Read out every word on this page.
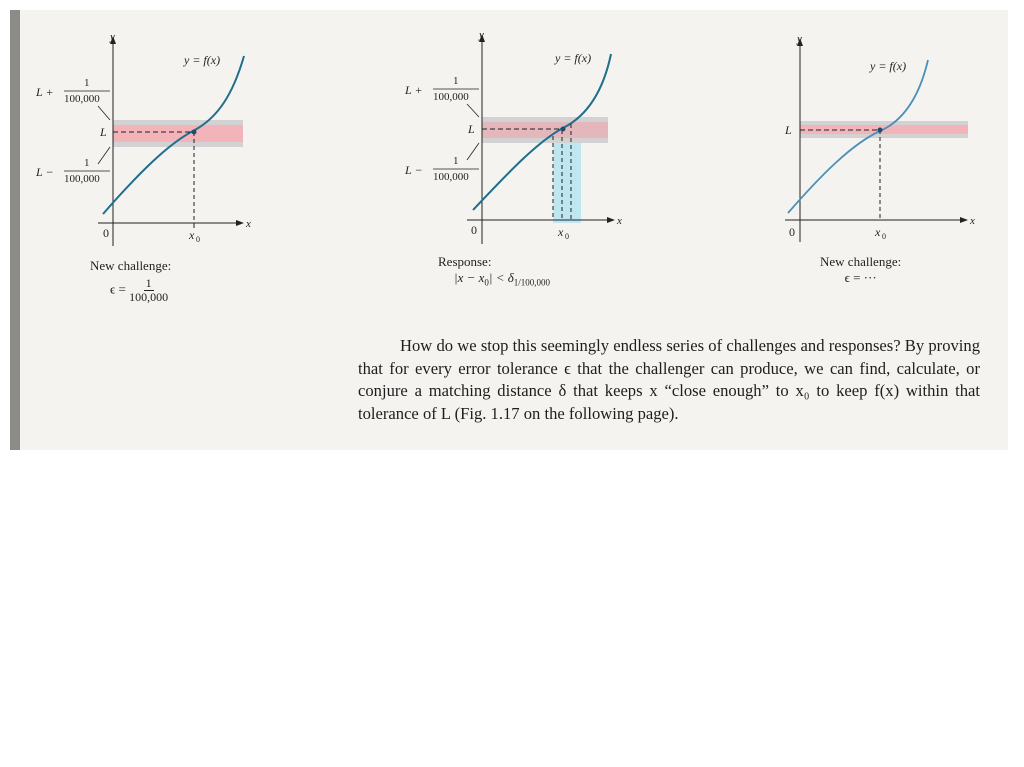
y
x
y = f(x)
0	x 0
L
L +
1
100,000
L −
1
100,000
New challenge:
$\epsilon = \frac{1}{100,000}$
y
x
y = f(x)
0	x 0
L
L +
1
100,000
L −
1
100,000
Response:
$|x - x_0| < \delta_{1/100,000}$
y
x
y = f(x)
0	x 0
L
New challenge:
ϵ = ···

How do we stop this seemingly endless series of challenges and responses? By proving that for every error tolerance ϵ that the challenger can produce, we can find, calculate, or conjure a matching distance δ that keeps x “close enough” to x₀ to keep f(x) within that tolerance of L (Fig. 1.17 on the following page).
